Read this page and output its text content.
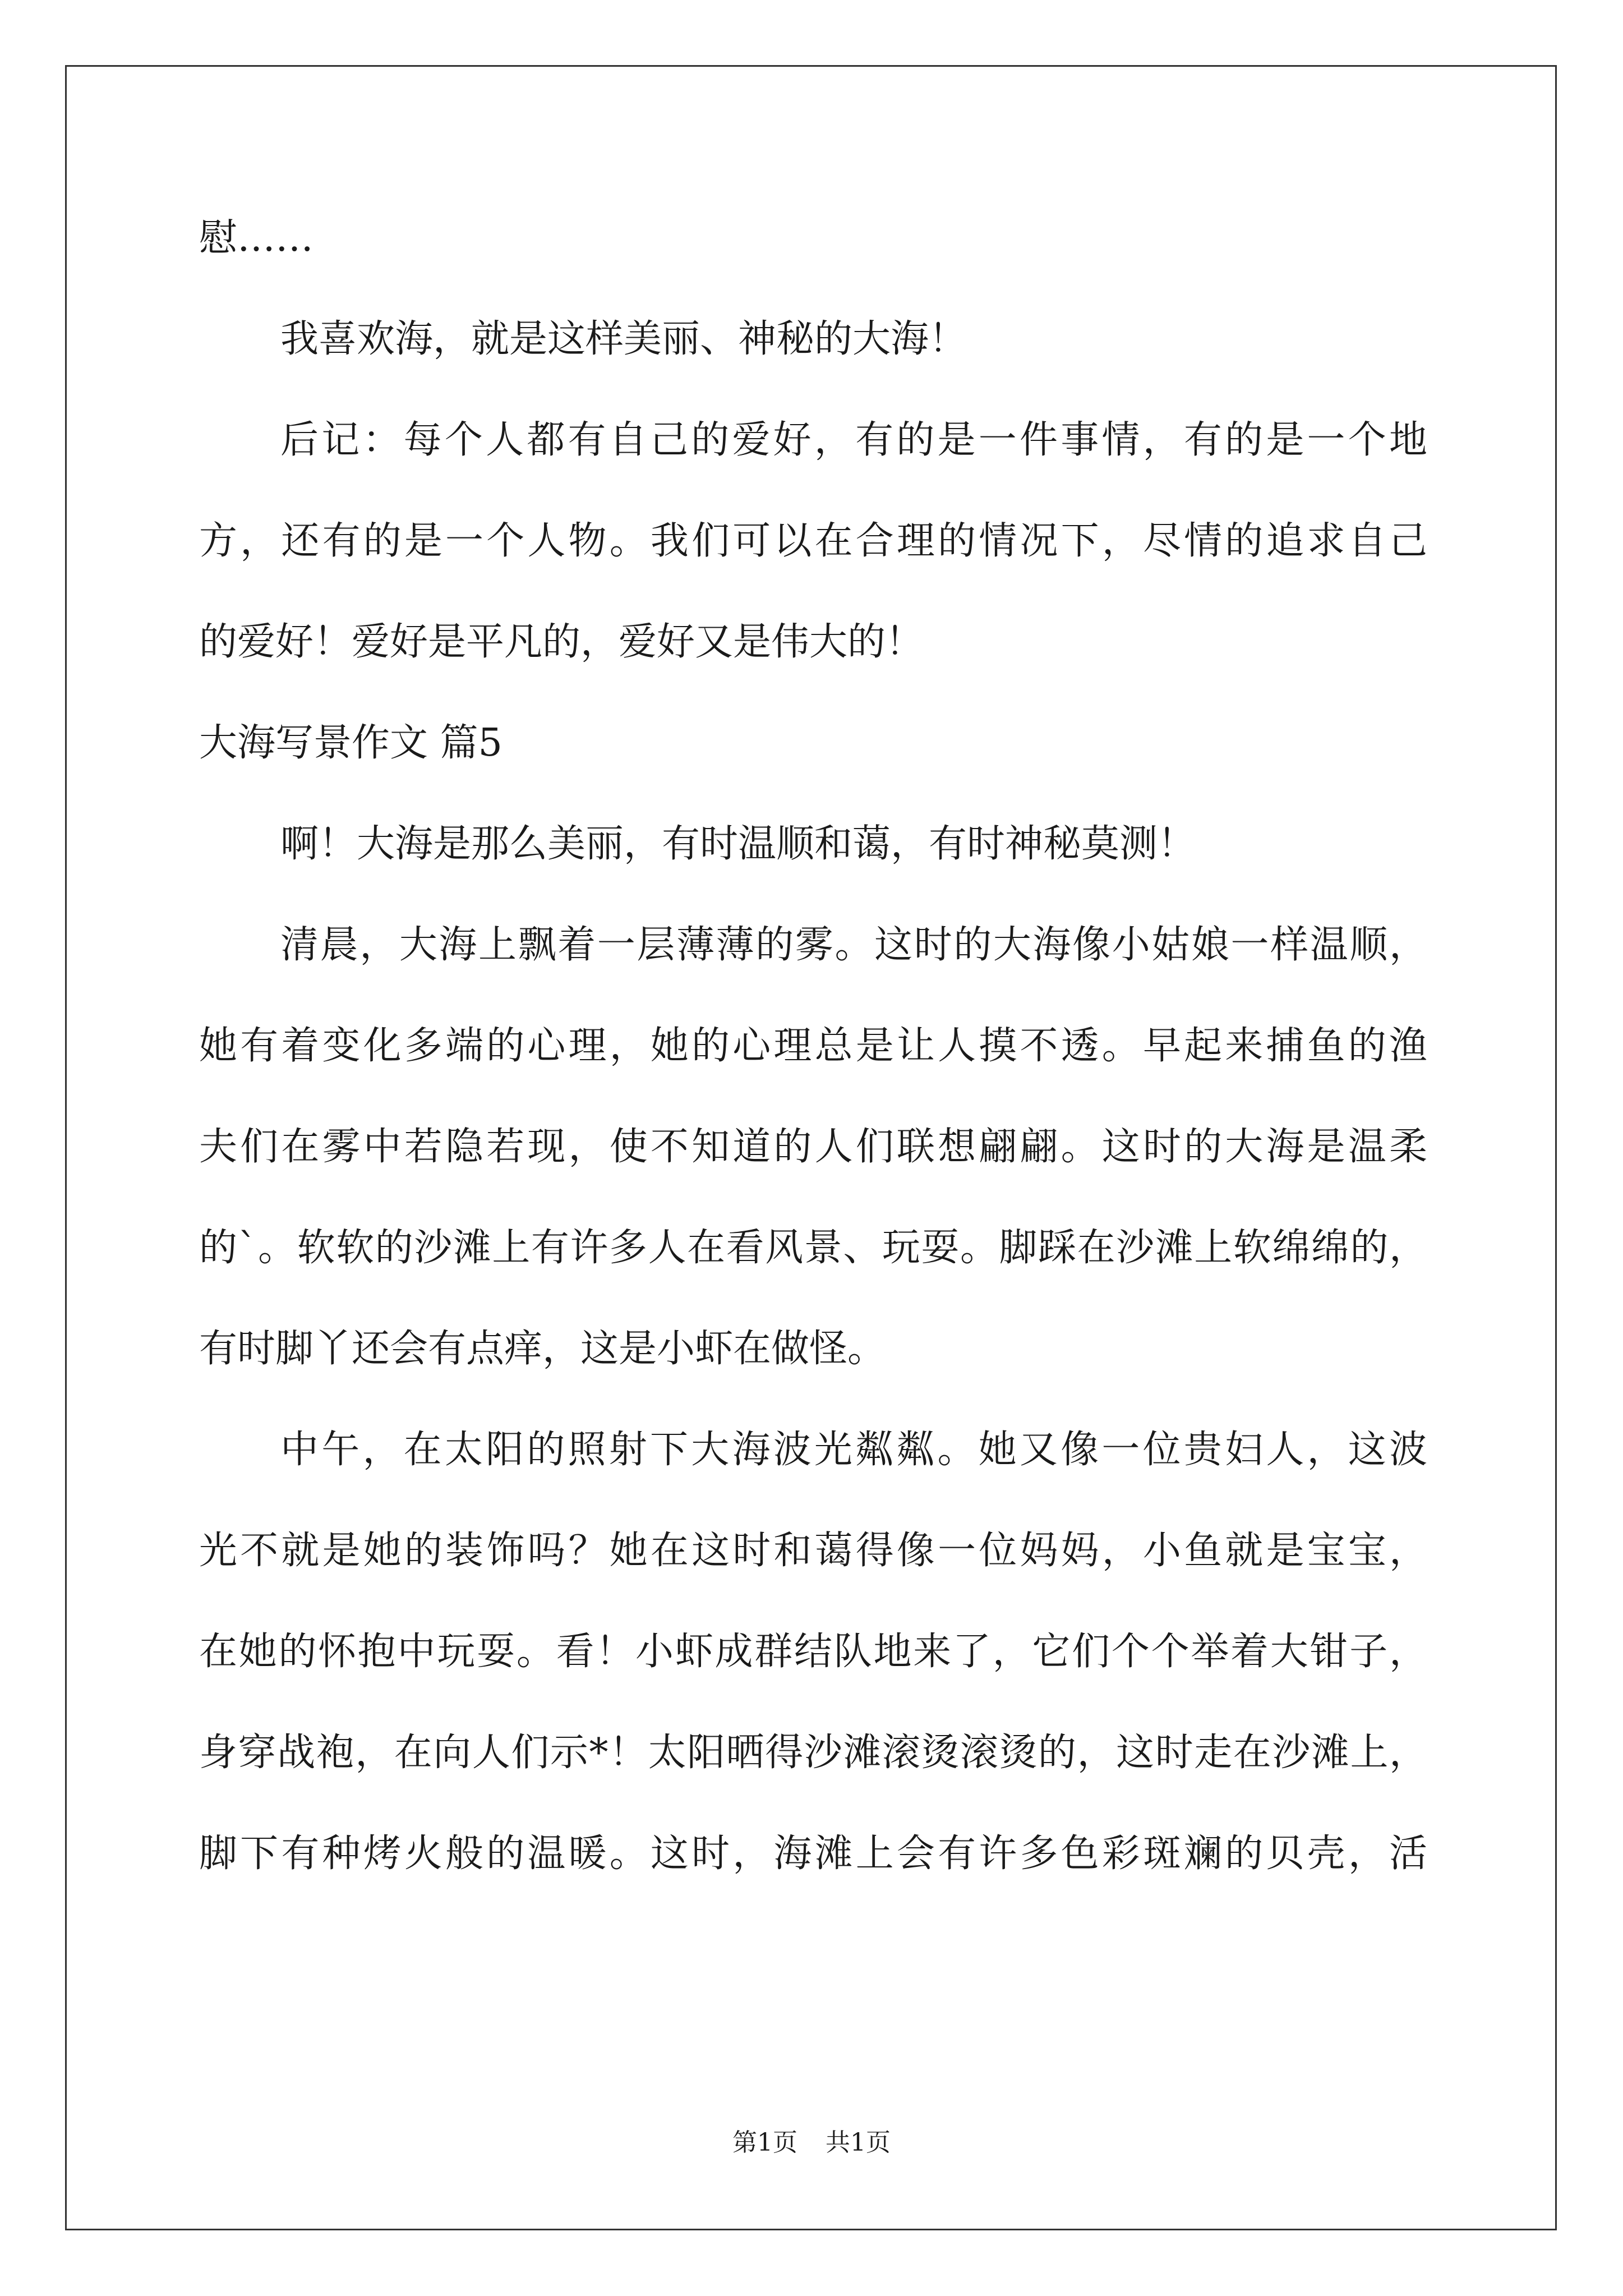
慰……
我喜欢海，就是这样美丽、神秘的大海！
后记：每个人都有自己的爱好，有的是一件事情，有的是一个地
方，还有的是一个人物。我们可以在合理的情况下，尽情的追求自己
的爱好！爱好是平凡的，爱好又是伟大的！
大海写景作文 篇5
啊！大海是那么美丽，有时温顺和蔼，有时神秘莫测！
清晨，大海上飘着一层薄薄的雾。这时的大海像小姑娘一样温顺，
她有着变化多端的心理，她的心理总是让人摸不透。早起来捕鱼的渔
夫们在雾中若隐若现，使不知道的人们联想翩翩。这时的大海是温柔
的`。软软的沙滩上有许多人在看风景、玩耍。脚踩在沙滩上软绵绵的，
有时脚丫还会有点痒，这是小虾在做怪。
中午，在太阳的照射下大海波光粼粼。她又像一位贵妇人，这波
光不就是她的装饰吗？她在这时和蔼得像一位妈妈，小鱼就是宝宝，
在她的怀抱中玩耍。看！小虾成群结队地来了，它们个个举着大钳子，
身穿战袍，在向人们示*！太阳晒得沙滩滚烫滚烫的，这时走在沙滩上，
脚下有种烤火般的温暖。这时，海滩上会有许多色彩斑斓的贝壳，活
第1页 共1页
